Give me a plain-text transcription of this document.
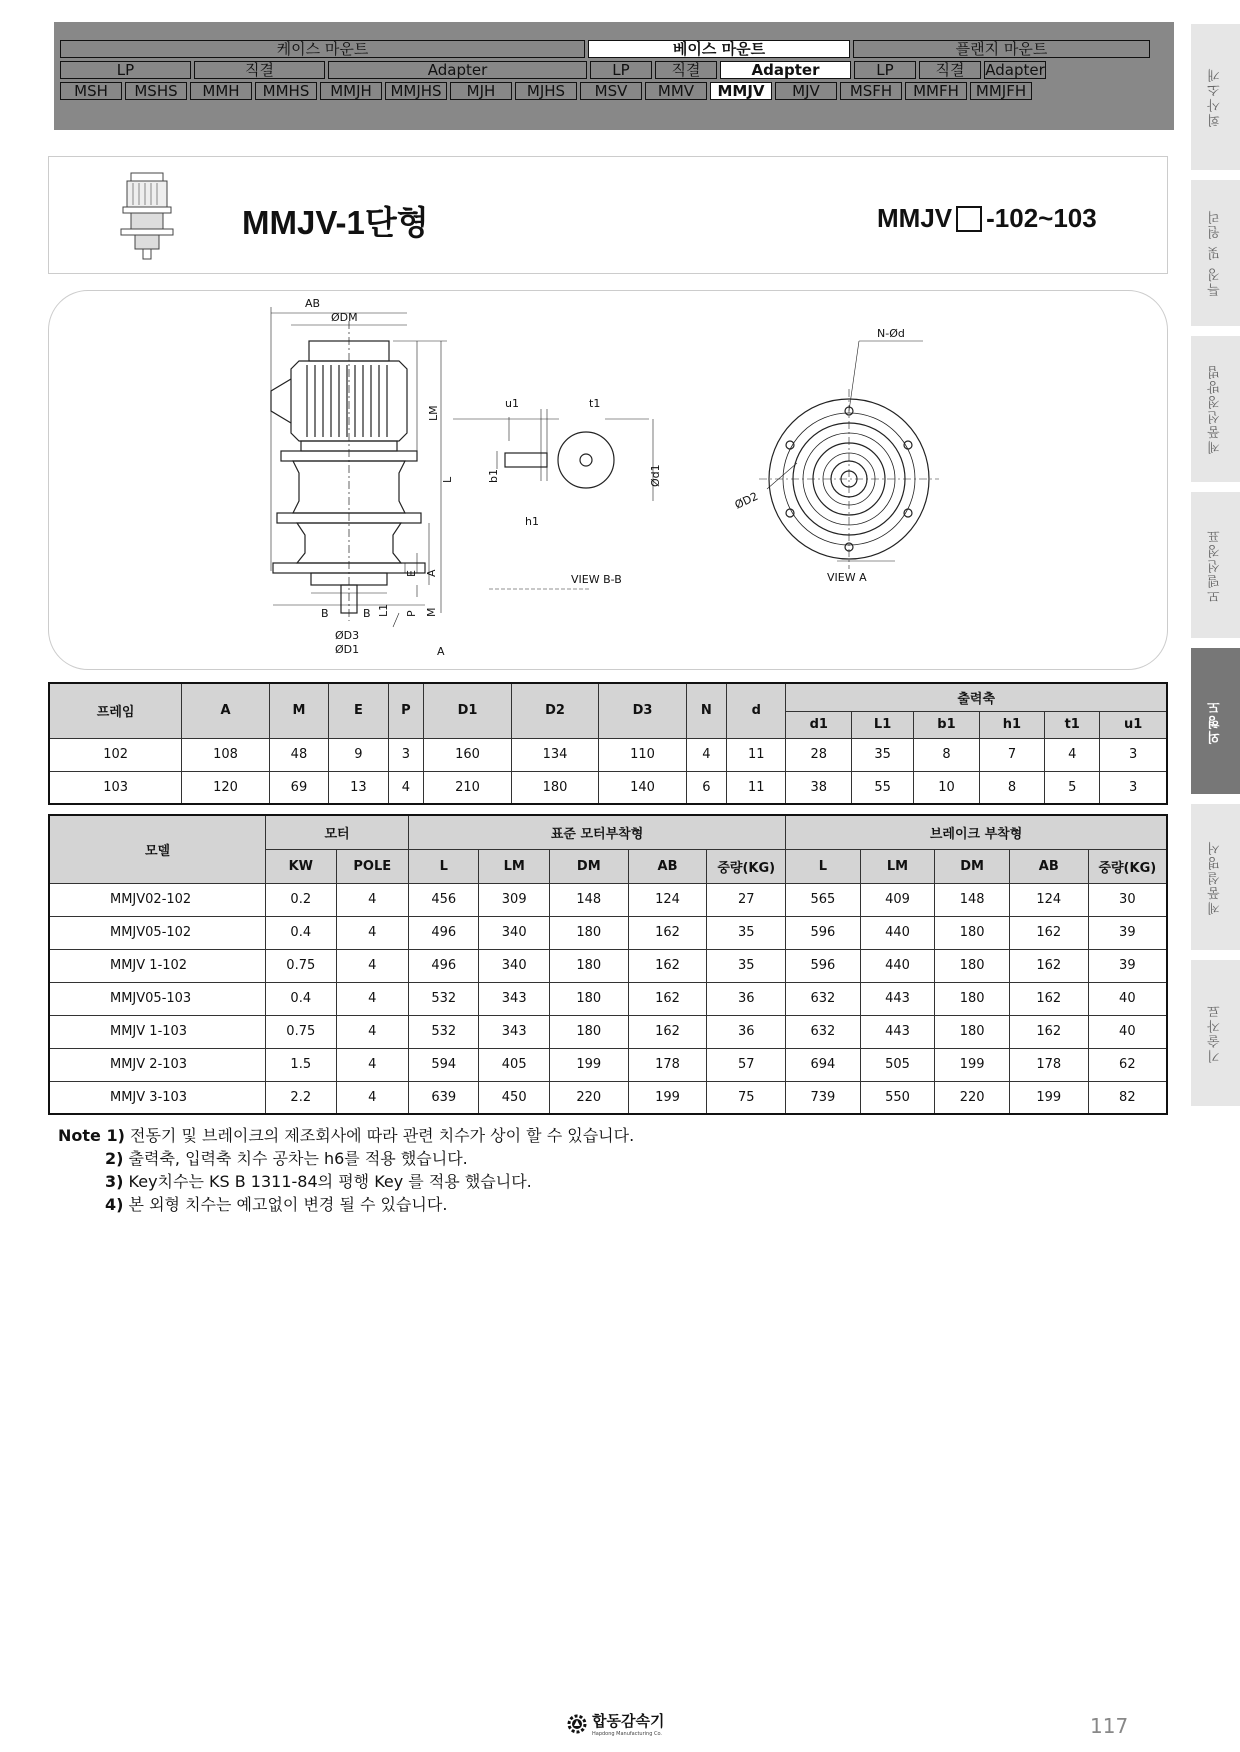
케이스 마운트	베이스 마운트	플랜지 마운트
LP	직결	Adapter	LP	직결	Adapter	LP	직결	Adapter
MSH	MSHS	MMH	MMHS	MMJH	MMJHS	MJH	MJHS	MSV	MMV	MMJV	MJV	MSFH	MMFH	MMJFH	회사소개
특징 및 원리
제품선정방법
모델선정표
외형도
제품설명서
기술자료
MMJV-1단형	MMJV -102~103
AB
ØDM
LM
L
E A
P M
B	B L1
ØD3
ØD1	A
u1	t1
b1
h1
Ød1
VIEW B-B
N-Ød
ØD2
VIEW A
프레임	A	M	E	P	D1	D2	D3	N	d	출력축					
										d1	L1	b1	h1	t1	u1
102	108	48	9	3	160	134	110	4	11	28	35	8	7	4	3
103	120	69	13	4	210	180	140	6	11	38	55	10	8	5	3
모델	모터		표준 모터부착형					브레이크 부착형				
	KW	POLE	L	LM	DM	AB	중량(KG)	L	LM	DM	AB	중량(KG)
MMJV02-102	0.2	4	456	309	148	124	27	565	409	148	124	30
MMJV05-102	0.4	4	496	340	180	162	35	596	440	180	162	39
MMJV 1-102	0.75	4	496	340	180	162	35	596	440	180	162	39
MMJV05-103	0.4	4	532	343	180	162	36	632	443	180	162	40
MMJV 1-103	0.75	4	532	343	180	162	36	632	443	180	162	40
MMJV 2-103	1.5	4	594	405	199	178	57	694	505	199	178	62
MMJV 3-103	2.2	4	639	450	220	199	75	739	550	220	199	82
Note 1) 전동기 및 브레이크의 제조회사에 따라 관련 치수가 상이 할 수 있습니다.
2) 출력축, 입력축 치수 공차는 h6를 적용 했습니다.
3) Key치수는 KS B 1311-84의 평행 Key 를 적용 했습니다.
4) 본 외형 치수는 예고없이 변경 될 수 있습니다.
합동감속기
Hapdong Manufacturing Co.	117
